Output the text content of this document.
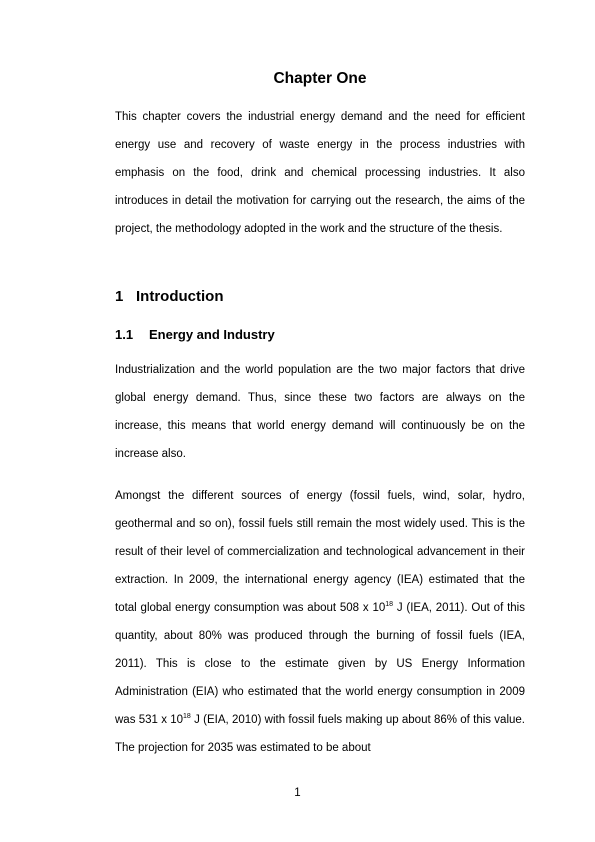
Chapter One

This chapter covers the industrial energy demand and the need for efficient energy use and recovery of waste energy in the process industries with emphasis on the food, drink and chemical processing industries. It also introduces in detail the motivation for carrying out the research, the aims of the project, the methodology adopted in the work and the structure of the thesis.

1 Introduction
1.1 Energy and Industry

Industrialization and the world population are the two major factors that drive global energy demand. Thus, since these two factors are always on the increase, this means that world energy demand will continuously be on the increase also.

Amongst the different sources of energy (fossil fuels, wind, solar, hydro, geothermal and so on), fossil fuels still remain the most widely used. This is the result of their level of commercialization and technological advancement in their extraction. In 2009, the international energy agency (IEA) estimated that the total global energy consumption was about 508 x $10^{18}$ J (IEA, 2011). Out of this quantity, about 80% was produced through the burning of fossil fuels (IEA, 2011). This is close to the estimate given by US Energy Information Administration (EIA) who estimated that the world energy consumption in 2009 was 531 x $10^{18}$ J (EIA, 2010) with fossil fuels making up about 86% of this value. The projection for 2035 was estimated to be about

1
